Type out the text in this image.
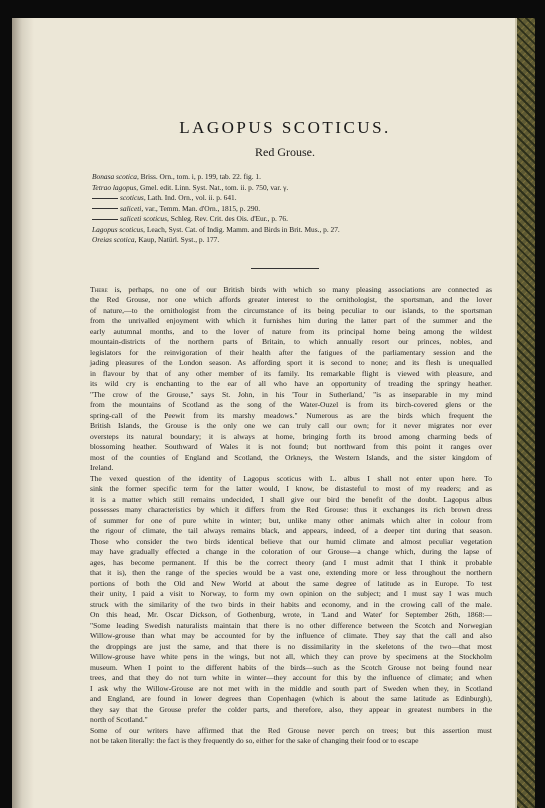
LAGOPUS SCOTICUS.
Red Grouse.
Bonasa scotica, Briss. Orn., tom. i, p. 199, tab. 22. fig. 1.
Tetrao lagopus, Gmel. edit. Linn. Syst. Nat., tom. ii. p. 750, var. γ.
scoticus, Lath. Ind. Orn., vol. ii. p. 641.
saliceti, var., Temm. Man. d'Orn., 1815, p. 290.
saliceti scoticus, Schleg. Rev. Crit. des Ois. d'Eur., p. 76.
Lagopus scoticus, Leach, Syst. Cat. of Indig. Mamm. and Birds in Brit. Mus., p. 27.
Oreias scotica, Kaup, Natürl. Syst., p. 177.
There is, perhaps, no one of our British birds with which so many pleasing associations are connected as
the Red Grouse, nor one which affords greater interest to the ornithologist, the sportsman, and the lover
of nature,—to the ornithologist from the circumstance of its being peculiar to our islands, to the sportsman
from the unrivalled enjoyment with which it furnishes him during the latter part of the summer and the
early autumnal months, and to the lover of nature from its principal home being among the wildest
mountain-districts of the northern parts of Britain, to which annually resort our princes, nobles, and
legislators for the reinvigoration of their health after the fatigues of the parliamentary session and the
jading pleasures of the London season. As affording sport it is second to none; and its flesh is unequalled
in flavour by that of any other member of its family. Its remarkable flight is viewed with pleasure, and
its wild cry is enchanting to the ear of all who have an opportunity of treading the springy heather.
"The crow of the Grouse," says St. John, in his 'Tour in Sutherland,' "is as inseparable in my mind
from the mountains of Scotland as the song of the Water-Ouzel is from its birch-covered glens or the
spring-call of the Peewit from its marshy meadows." Numerous as are the birds which frequent the
British Islands, the Grouse is the only one we can truly call our own; for it never migrates nor ever
oversteps its natural boundary; it is always at home, bringing forth its brood among charming beds of
blossoming heather. Southward of Wales it is not found; but northward from this point it ranges over
most of the counties of England and Scotland, the Orkneys, the Western Islands, and the sister kingdom of
Ireland.
The vexed question of the identity of Lagopus scoticus with L. albus I shall not enter upon here. To
sink the former specific term for the latter would, I know, be distasteful to most of my readers; and as
it is a matter which still remains undecided, I shall give our bird the benefit of the doubt. Lagopus albus
possesses many characteristics by which it differs from the Red Grouse: thus it exchanges its rich brown dress
of summer for one of pure white in winter; but, unlike many other animals which alter in colour from
the rigour of climate, the tail always remains black, and appears, indeed, of a deeper tint during that season.
Those who consider the two birds identical believe that our humid climate and almost peculiar vegetation
may have gradually effected a change in the coloration of our Grouse—a change which, during the lapse of
ages, has become permanent. If this be the correct theory (and I must admit that I think it probable
that it is), then the range of the species would be a vast one, extending more or less throughout the northern
portions of both the Old and New World at about the same degree of latitude as in Europe. To test
their unity, I paid a visit to Norway, to form my own opinion on the subject; and I must say I was much
struck with the similarity of the two birds in their habits and economy, and in the crowing call of the male.
On this head, Mr. Oscar Dickson, of Gothenburg, wrote, in 'Land and Water' for September 26th, 1868:—
"Some leading Swedish naturalists maintain that there is no other difference between the Scotch and Norwegian
Willow-grouse than what may be accounted for by the influence of climate. They say that the call and also
the droppings are just the same, and that there is no dissimilarity in the skeletons of the two—that most
Willow-grouse have white pens in the wings, but not all, which they can prove by specimens at the Stockholm
museum. When I point to the different habits of the birds—such as the Scotch Grouse not being found near
trees, and that they do not turn white in winter—they account for this by the influence of climate; and when
I ask why the Willow-Grouse are not met with in the middle and south part of Sweden when they, in Scotland
and England, are found in lower degrees than Copenhagen (which is about the same latitude as Edinburgh),
they say that the Grouse prefer the colder parts, and therefore, also, they appear in greatest numbers in the
north of Scotland."
Some of our writers have affirmed that the Red Grouse never perch on trees; but this assertion must
not be taken literally: the fact is they frequently do so, either for the sake of changing their food or to escape
